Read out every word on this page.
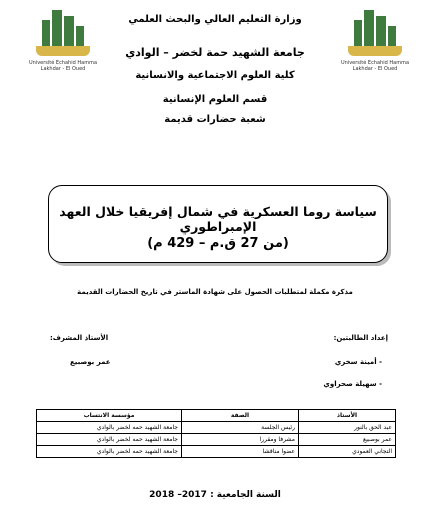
Université Echahid Hamma Lakhdar - El Oued
Université Echahid Hamma Lakhdar - El Oued
وزارة التعليم العالي والبحث العلمي
جامعة الشهيد حمة لخضر – الوادي
كلية العلوم الاجتماعية والانسانية
قسم العلوم الإنسانية
شعبة حضارات قديمة
سياسة روما العسكرية في شمال إفريقيا خلال العهد الإمبراطوري
(من 27 ق.م – 429 م)
مذكرة مكملة لمتطلبات الحصول على شهادة الماستر في تاريخ الحضارات القديمة
إعداد الطالبتين:
- أمينة سخري
- سهيلة صحراوي
الأستاذ المشرف:
عمر بوصبيع
الأستاذ	الصفة	مؤسسة الانتساب
عبد الحق بالنور	رئيس الجلسة	جامعة الشهيد حمه لخضر بالوادي
عمر بوصبيع	مشرفا ومقررا	جامعة الشهيد حمه لخضر بالوادي
التجاني العمودي	عضوا مناقشا	جامعة الشهيد حمه لخضر بالوادي
السنة الجامعية : 2017– 2018
